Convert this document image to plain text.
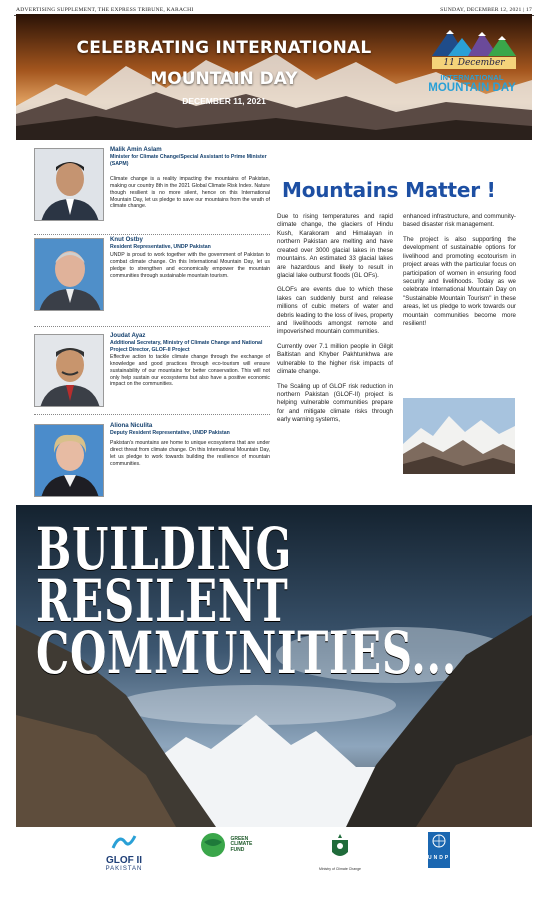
ADVERTISING SUPPLEMENT, THE EXPRESS TRIBUNE, KARACHI	SUNDAY, DECEMBER 12, 2021 | 17
CELEBRATING INTERNATIONAL
MOUNTAIN DAY
DECEMBER 11, 2021
11 December
INTERNATIONAL
MOUNTAIN DAY
Malik Amin Aslam
Minister for Climate Change/Special Assistant to Prime Minister (SAPM)
Climate change is a reality impacting the mountains of Pakistan, making our country 8th in the 2021 Global Climate Risk Index. Nature though resilient is no more silent, hence on this International Mountain Day, let us pledge to save our mountains from the wrath of climate change.
Knut Ostby
Resident Representative, UNDP Pakistan
UNDP is proud to work together with the government of Pakistan to combat climate change. On this International Mountain Day, let us pledge to strengthen and economically empower the mountain communities through sustainable mountain tourism.
Joudat Ayaz
Additional Secretary, Ministry of Climate Change and National Project Director, GLOF-II Project
Effective action to tackle climate change through the exchange of knowledge and good practices through eco-tourism will ensure sustainability of our mountains for better conservation. This will not only help sustain our ecosystems but also have a positive economic impact on the communities.
Aliona Niculita
Deputy Resident Representative, UNDP Pakistan
Pakistan's mountains are home to unique ecosystems that are under direct threat from climate change. On this International Mountain Day, let us pledge to work towards building the resilience of mountain communities.
Mountains Matter !

Due to rising temperatures and rapid climate change, the glaciers of Hindu Kush, Karakoram and Himalayan in northern Pakistan are melting and have created over 3000 glacial lakes in these mountains. An estimated 33 glacial lakes are hazardous and likely to result in glacial lake outburst floods (GL OFs).

GLOFs are events due to which these lakes can suddenly burst and release millions of cubic meters of water and debris leading to the loss of lives, property and livelihoods amongst remote and impoverished mountain communities.

Currently over 7.1 million people in Gilgit Baltistan and Khyber Pakhtunkhwa are vulnerable to the higher risk impacts of climate change.

The Scaling up of GLOF risk reduction in northern Pakistan (GLOF-II) project is helping vulnerable communities prepare for and mitigate climate risks through early warning systems,

enhanced infrastructure, and community-based disaster risk management.

The project is also supporting the development of sustainable options for livelihood and promoting ecotourism in project areas with the particular focus on participation of women in ensuring food security and livelihoods. Today as we celebrate International Mountain Day on "Sustainable Mountain Tourism" in these areas, let us pledge to work towards our mountain communities become more resilient!

BUILDING
RESILENT
COMMUNITIES...
GLOF II
PAKISTAN
GREEN
CLIMATE
FUND
Ministry of Climate Change
UNDP
